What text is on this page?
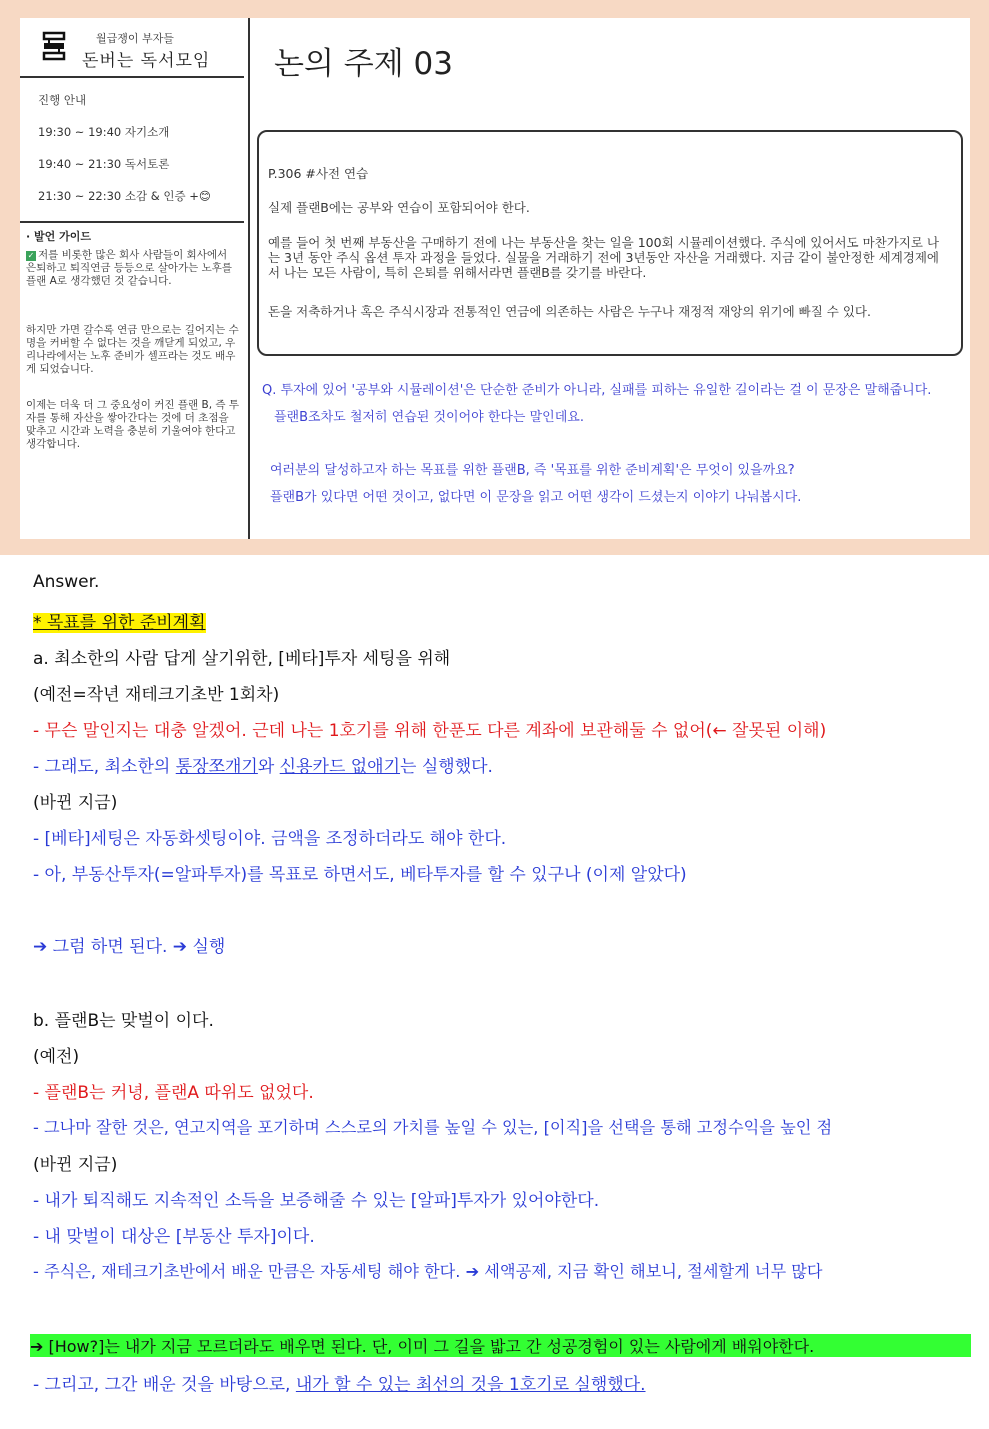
월급쟁이 부자들
돈버는 독서모임
진행 안내
19:30 ~ 19:40 자기소개
19:40 ~ 21:30 독서토론
21:30 ~ 22:30 소감 & 인증 +😊
· 발언 가이드
✓ 저를 비롯한 많은 회사 사람들이 회사에서 은퇴하고 퇴직연금 등등으로 살아가는 노후를 플랜 A로 생각했던 것 같습니다.
하지만 가면 갈수록 연금 만으로는 길어지는 수명을 커버할 수 없다는 것을 깨닫게 되었고, 우리나라에서는 노후 준비가 셀프라는 것도 배우게 되었습니다.
이제는 더욱 더 그 중요성이 커진 플랜 B, 즉 투자를 통해 자산을 쌓아간다는 것에 더 초점을 맞추고 시간과 노력을 충분히 기울여야 한다고 생각합니다.
논의 주제 03

P.306 #사전 연습

실제 플랜B에는 공부와 연습이 포함되어야 한다.

예를 들어 첫 번째 부동산을 구매하기 전에 나는 부동산을 찾는 일을 100회 시뮬레이션했다. 주식에 있어서도 마찬가지로 나는 3년 동안 주식 옵션 투자 과정을 들었다. 실물을 거래하기 전에 3년동안 자산을 거래했다. 지금 같이 불안정한 세계경제에서 나는 모든 사람이, 특히 은퇴를 위해서라면 플랜B를 갖기를 바란다.

돈을 저축하거나 혹은 주식시장과 전통적인 연금에 의존하는 사람은 누구나 재정적 재앙의 위기에 빠질 수 있다.

Q. 투자에 있어 '공부와 시뮬레이션'은 단순한 준비가 아니라, 실패를 피하는 유일한 길이라는 걸 이 문장은 말해줍니다.
플랜B조차도 철저히 연습된 것이어야 한다는 말인데요.
여러분의 달성하고자 하는 목표를 위한 플랜B, 즉 '목표를 위한 준비계획'은 무엇이 있을까요?
플랜B가 있다면 어떤 것이고, 없다면 이 문장을 읽고 어떤 생각이 드셨는지 이야기 나눠봅시다.
Answer.
* 목표를 위한 준비계획
a. 최소한의 사람 답게 살기위한, [베타]투자 세팅을 위해
(예전=작년 재테크기초반 1회차)
- 무슨 말인지는 대충 알겠어. 근데 나는 1호기를 위해 한푼도 다른 계좌에 보관해둘 수 없어(← 잘못된 이해)
- 그래도, 최소한의 통장쪼개기와 신용카드 없애기는 실행했다.
(바뀐 지금)
- [베타]세팅은 자동화셋팅이야. 금액을 조정하더라도 해야 한다.
- 아, 부동산투자(=알파투자)를 목표로 하면서도, 베타투자를 할 수 있구나 (이제 알았다)
➔ 그럼 하면 된다. ➔ 실행
b. 플랜B는 맞벌이 이다.
(예전)
- 플랜B는 커녕, 플랜A 따위도 없었다.
- 그나마 잘한 것은, 연고지역을 포기하며 스스로의 가치를 높일 수 있는, [이직]을 선택을 통해 고정수익을 높인 점
(바뀐 지금)
- 내가 퇴직해도 지속적인 소득을 보증해줄 수 있는 [알파]투자가 있어야한다.
- 내 맞벌이 대상은 [부동산 투자]이다.
- 주식은, 재테크기초반에서 배운 만큼은 자동세팅 해야 한다. ➔ 세액공제, 지금 확인 해보니, 절세할게 너무 많다
➔ [How?]는 내가 지금 모르더라도 배우면 된다. 단, 이미 그 길을 밟고 간 성공경험이 있는 사람에게 배워야한다.
- 그리고, 그간 배운 것을 바탕으로, 내가 할 수 있는 최선의 것을 1호기로 실행했다.
